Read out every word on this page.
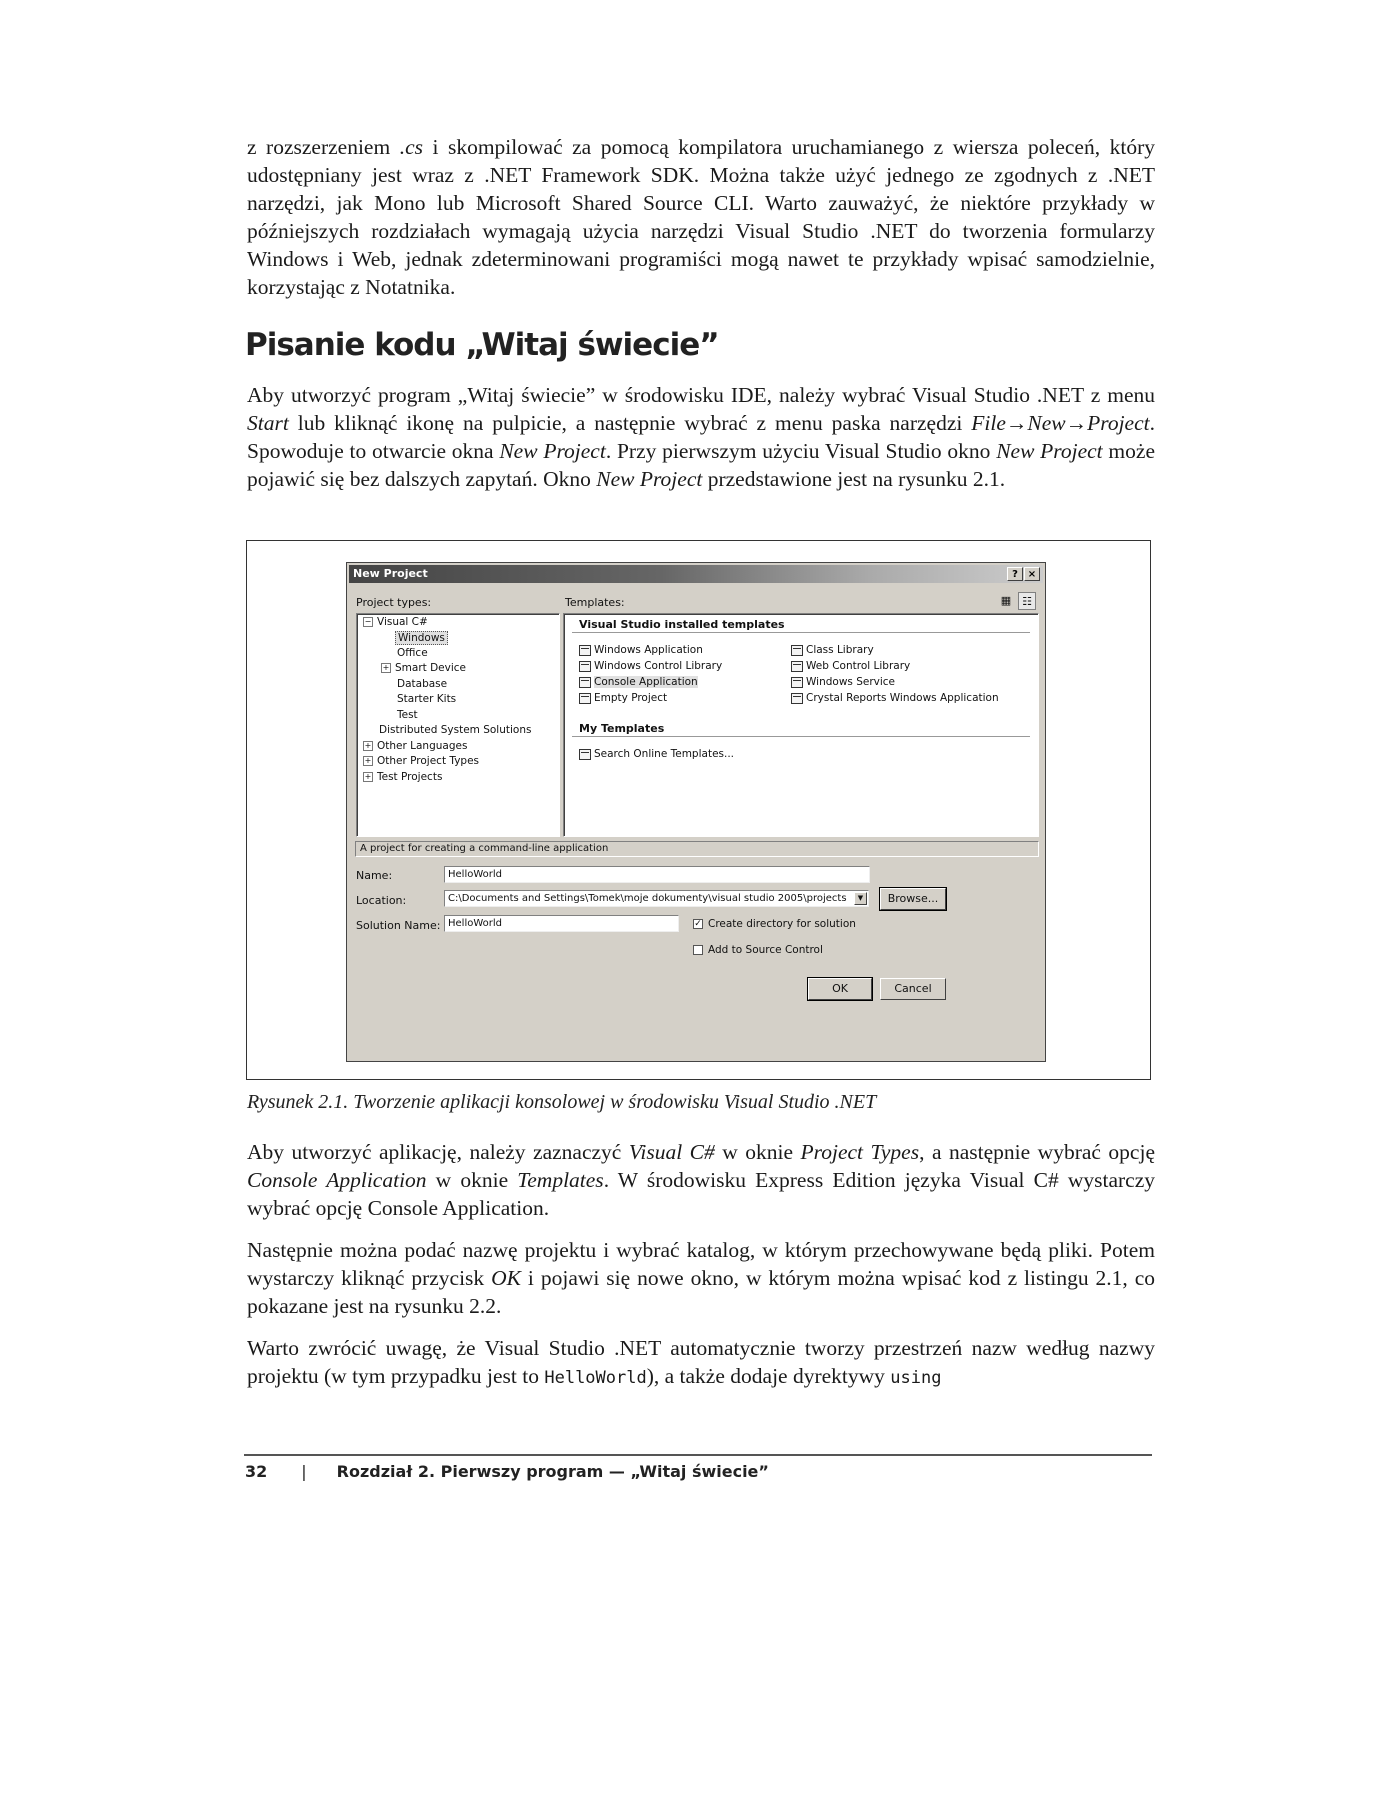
z rozszerzeniem .cs i skompilować za pomocą kompilatora uruchamianego z wiersza poleceń, który udostępniany jest wraz z .NET Framework SDK. Można także użyć jednego ze zgodnych z .NET narzędzi, jak Mono lub Microsoft Shared Source CLI. Warto zauważyć, że niektóre przykłady w późniejszych rozdziałach wymagają użycia narzędzi Visual Studio .NET do tworzenia formularzy Windows i Web, jednak zdeterminowani programiści mogą nawet te przykłady wpisać samodzielnie, korzystając z Notatnika.

Pisanie kodu „Witaj świecie”

Aby utworzyć program „Witaj świecie” w środowisku IDE, należy wybrać Visual Studio .NET z menu Start lub kliknąć ikonę na pulpicie, a następnie wybrać z menu paska narzędzi File→New→Project. Spowoduje to otwarcie okna New Project. Przy pierwszym użyciu Visual Studio okno New Project może pojawić się bez dalszych zapytań. Okno New Project przedstawione jest na rysunku 2.1.

New Project	? ×
Project types:	Templates:	▦ ☷
− Visual C#
Windows
Office
+ Smart Device
Database
Starter Kits
Test
Distributed System Solutions
+ Other Languages
+ Other Project Types
+ Test Projects
Visual Studio installed templates
Windows Application
Windows Control Library
Console Application
Empty Project
Class Library
Web Control Library
Windows Service
Crystal Reports Windows Application
My Templates
Search Online Templates...
A project for creating a command-line application
Name:	HelloWorld
Location:	C:\Documents and Settings\Tomek\moje dokumenty\visual studio 2005\projects	▼	Browse...
Solution Name: HelloWorld	✓ Create directory for solution
Add to Source Control
OK	Cancel

Rysunek 2.1. Tworzenie aplikacji konsolowej w środowisku Visual Studio .NET

Aby utworzyć aplikację, należy zaznaczyć Visual C# w oknie Project Types, a następnie wybrać opcję Console Application w oknie Templates. W środowisku Express Edition języka Visual C# wystarczy wybrać opcję Console Application.

Następnie można podać nazwę projektu i wybrać katalog, w którym przechowywane będą pliki. Potem wystarczy kliknąć przycisk OK i pojawi się nowe okno, w którym można wpisać kod z listingu 2.1, co pokazane jest na rysunku 2.2.

Warto zwrócić uwagę, że Visual Studio .NET automatycznie tworzy przestrzeń nazw według nazwy projektu (w tym przypadku jest to HelloWorld), a także dodaje dyrektywy using

32 | Rozdział 2. Pierwszy program — „Witaj świecie”
